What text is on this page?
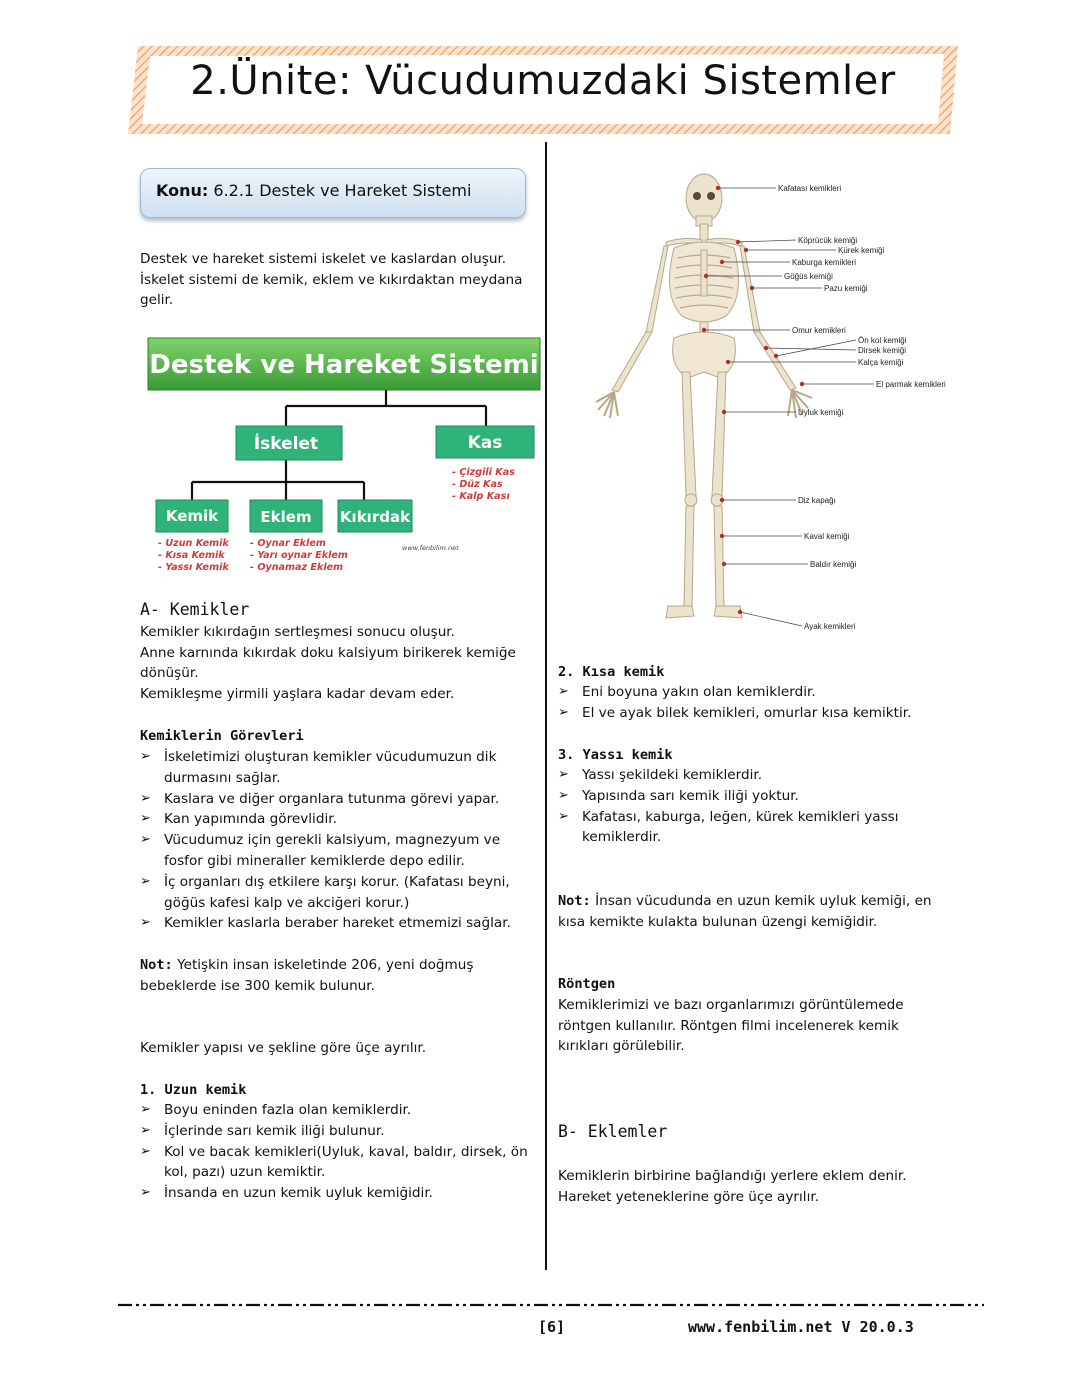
2.Ünite: Vücudumuzdaki Sistemler
Konu: 6.2.1 Destek ve Hareket Sistemi
Destek ve hareket sistemi iskelet ve kaslardan oluşur.
İskelet sistemi de kemik, eklem ve kıkırdaktan meydana
gelir.
Destek ve Hareket Sistemi
İskelet	Kas
- Çizgili Kas
- Düz Kas
- Kalp Kası
Kemik	Eklem Kıkırdak
- Uzun Kemik
- Kısa Kemik
- Yassı Kemik
- Oynar Eklem
- Yarı oynar Eklem
- Oynamaz Eklem
www.fenbilim.net
A- Kemikler
Kemikler kıkırdağın sertleşmesi sonucu oluşur.
Anne karnında kıkırdak doku kalsiyum birikerek kemiğe
dönüşür.
Kemikleşme yirmili yaşlara kadar devam eder.
Kemiklerin Görevleri
➢ İskeletimizi oluşturan kemikler vücudumuzun dik
durmasını sağlar.
➢ Kaslara ve diğer organlara tutunma görevi yapar.
➢ Kan yapımında görevlidir.
➢ Vücudumuz için gerekli kalsiyum, magnezyum ve
fosfor gibi mineraller kemiklerde depo edilir.
➢ İç organları dış etkilere karşı korur. (Kafatası beyni,
göğüs kafesi kalp ve akciğeri korur.)
➢ Kemikler kaslarla beraber hareket etmemizi sağlar.
Not: Yetişkin insan iskeletinde 206, yeni doğmuş
bebeklerde ise 300 kemik bulunur.
Kemikler yapısı ve şekline göre üçe ayrılır.
1. Uzun kemik
➢ Boyu eninden fazla olan kemiklerdir.
➢ İçlerinde sarı kemik iliği bulunur.
➢ Kol ve bacak kemikleri(Uyluk, kaval, baldır, dirsek, ön
kol, pazı) uzun kemiktir.
➢ İnsanda en uzun kemik uyluk kemiğidir.
Kafatası kemikleri
Köprücük kemiği
Kürek kemiği
Kaburga kemikleri
Göğüs kemiği
Pazu kemiği
Omur kemikleri
Ön kol kemiği
Dirsek kemiği
Kalça kemiği
El parmak kemikleri
Uyluk kemiği
Diz kapağı
Kaval kemiği
Baldır kemiği
Ayak kemikleri
2. Kısa kemik
➢ Eni boyuna yakın olan kemiklerdir.
➢ El ve ayak bilek kemikleri, omurlar kısa kemiktir.
3. Yassı kemik
➢ Yassı şekildeki kemiklerdir.
➢ Yapısında sarı kemik iliği yoktur.
➢ Kafatası, kaburga, leğen, kürek kemikleri yassı
kemiklerdir.
Not: İnsan vücudunda en uzun kemik uyluk kemiği, en
kısa kemikte kulakta bulunan üzengi kemiğidir.
Röntgen
Kemiklerimizi ve bazı organlarımızı görüntülemede
röntgen kullanılır. Röntgen filmi incelenerek kemik
kırıkları görülebilir.
B- Eklemler
Kemiklerin birbirine bağlandığı yerlere eklem denir.
Hareket yeteneklerine göre üçe ayrılır.
[6]	www.fenbilim.net V 20.0.3
